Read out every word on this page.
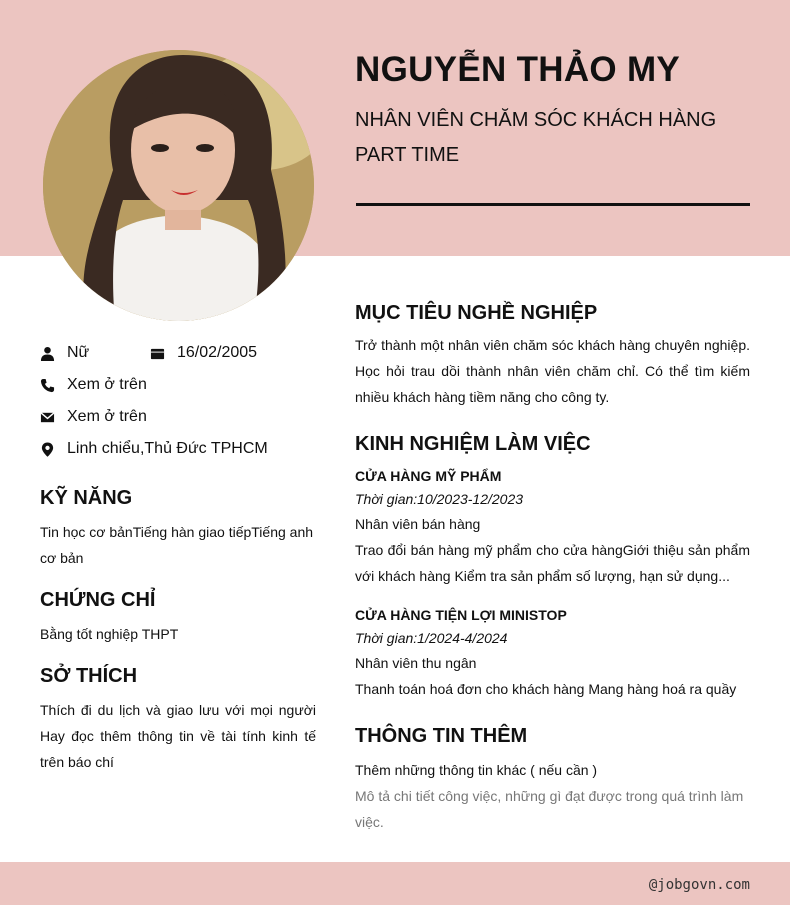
NGUYỄN THẢO MY
NHÂN VIÊN CHĂM SÓC KHÁCH HÀNG
PART TIME
Nữ	16/02/2005
Xem ở trên
Xem ở trên
Linh chiểu,Thủ Đức TPHCM
KỸ NĂNG
Tin học cơ bảnTiếng hàn giao tiếpTiếng anh cơ bản
CHỨNG CHỈ
Bằng tốt nghiệp THPT
SỞ THÍCH
Thích đi du lịch và giao lưu với mọi người Hay đọc thêm thông tin về tài tính kinh tế trên báo chí
MỤC TIÊU NGHỀ NGHIỆP
Trở thành một nhân viên chăm sóc khách hàng chuyên nghiệp. Học hỏi trau dồi thành nhân viên chăm chỉ. Có thể tìm kiếm nhiều khách hàng tiềm năng cho công ty.
KINH NGHIỆM LÀM VIỆC
CỬA HÀNG MỸ PHẨM
Thời gian:10/2023-12/2023
Nhân viên bán hàng
Trao đổi bán hàng mỹ phẩm cho cửa hàngGiới thiệu sản phẩm với khách hàng Kiểm tra sản phẩm số lượng, hạn sử dụng...
CỬA HÀNG TIỆN LỢI MINISTOP
Thời gian:1/2024-4/2024
Nhân viên thu ngân
Thanh toán hoá đơn cho khách hàng Mang hàng hoá ra quầy
THÔNG TIN THÊM
Thêm những thông tin khác ( nếu cần )
Mô tả chi tiết công việc, những gì đạt được trong quá trình làm việc.
@jobgovn.com
